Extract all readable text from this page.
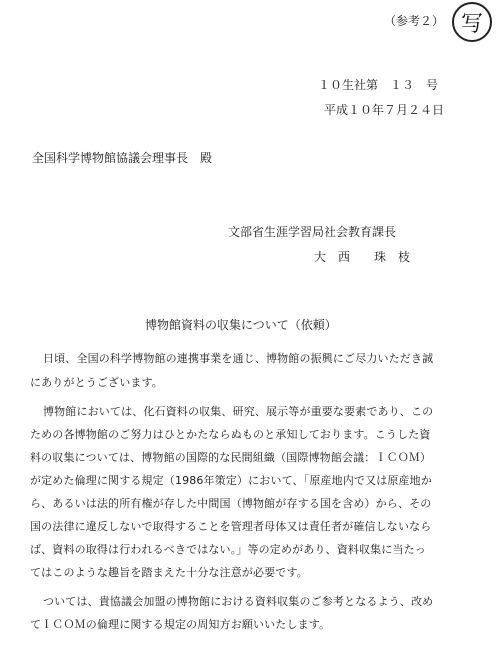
（参考２） 写
１０生社第　１３　号
平成１０年７月２４日
全国科学博物館協議会理事長　殿
文部省生涯学習局社会教育課長
大　西　　珠　枝
博物館資料の収集について（依頼）
日頃、全国の科学博物館の連携事業を通じ、博物館の振興にご尽力いただき誠
にありがとうございます。
博物館においては、化石資料の収集、研究、展示等が重要な要素であり、この
ための各博物館のご努力はひとかたならぬものと承知しております。こうした資
料の収集については、博物館の国際的な民間組織（国際博物館会議：ＩＣＯＭ）
が定めた倫理に関する規定（1986年策定）において、「原産地内で又は原産地か
ら、あるいは法的所有権が存した中間国（博物館が存する国を含め）から、その
国の法律に違反しないで取得することを管理者母体又は責任者が確信しないなら
ば、資料の取得は行われるべきではない。」等の定めがあり、資料収集に当たっ
てはこのような趣旨を踏まえた十分な注意が必要です。
ついては、貴協議会加盟の博物館における資料収集のご参考となるよう、改め
てＩＣＯＭの倫理に関する規定の周知方お願いいたします。
